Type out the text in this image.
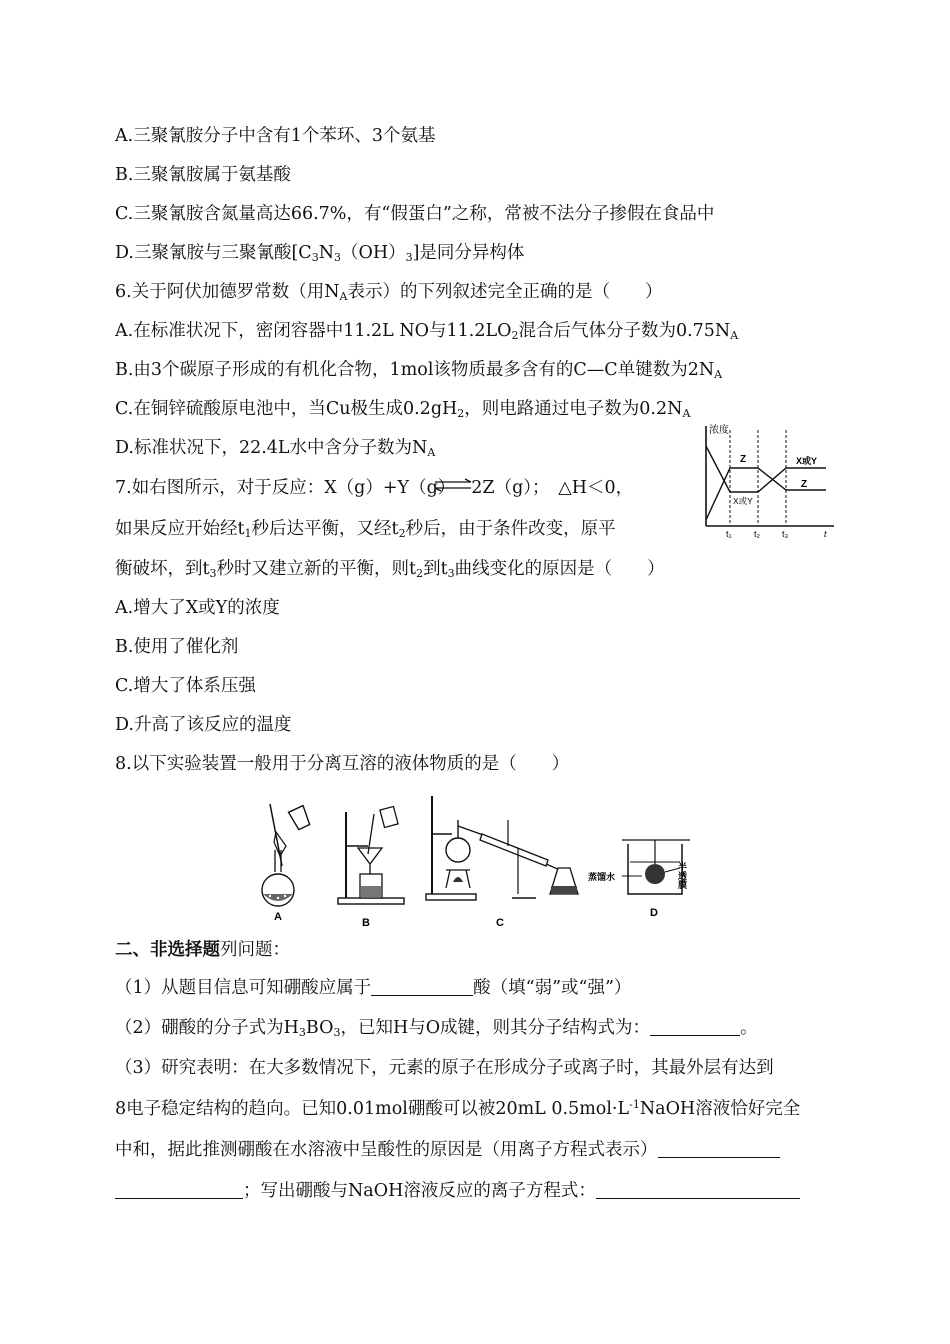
A.三聚氰胺分子中含有1个苯环、3个氨基
B.三聚氰胺属于氨基酸
C.三聚氰胺含氮量高达66.7%，有“假蛋白”之称，常被不法分子掺假在食品中
D.三聚氰胺与三聚氰酸$[C_3N_3(OH)_3]$是同分异构体
6.关于阿伏加德罗常数（用$N_A$表示）的下列叙述完全正确的是（　　）
A.在标准状况下，密闭容器中11.2L NO与$11.2LO_2$混合后气体分子数为$0.75N_A$
B.由3个碳原子形成的有机化合物，1mol该物质最多含有的C—C单键数为$2N_A$
C.在铜锌硫酸原电池中，当Cu极生成$0.2gH_2$，则电路通过电子数为$0.2N_A$
D.标准状况下，22.4L水中含分子数为$N_A$
7.如右图所示，对于反应：X（g）+Y（g） 2Z（g）；　△H＜0，
如果反应开始经$t_1$秒后达平衡，又经$t_2$秒后，由于条件改变，原平
衡破坏，到$t_3$秒时又建立新的平衡，则$t_2$到$t_3$曲线变化的原因是（　　）
A.增大了X或Y的浓度
B.使用了催化剂
C.增大了体系压强
D.升高了该反应的温度
浓度
Z
X或Y
X或Y
Z
t₁ t₂ t₃	t
8.以下实验装置一般用于分离互溶的液体物质的是（　　）
A	B	C
蒸馏水	半透膜
D
二、非选择题列问题：
（1）从题目信息可知硼酸应属于	酸（填“弱”或“强”）
（2）硼酸的分子式为$H_3BO_3$，已知H与O成键，则其分子结构式为：	。
（3）研究表明：在大多数情况下，元素的原子在形成分子或离子时，其最外层有达到
8电子稳定结构的趋向。已知0.01mol硼酸可以被20mL $0.5mol\cdot L^{-1}NaOH$溶液恰好完全
中和，据此推测硼酸在水溶液中呈酸性的原因是（用离子方程式表示）
；写出硼酸与NaOH溶液反应的离子方程式：
